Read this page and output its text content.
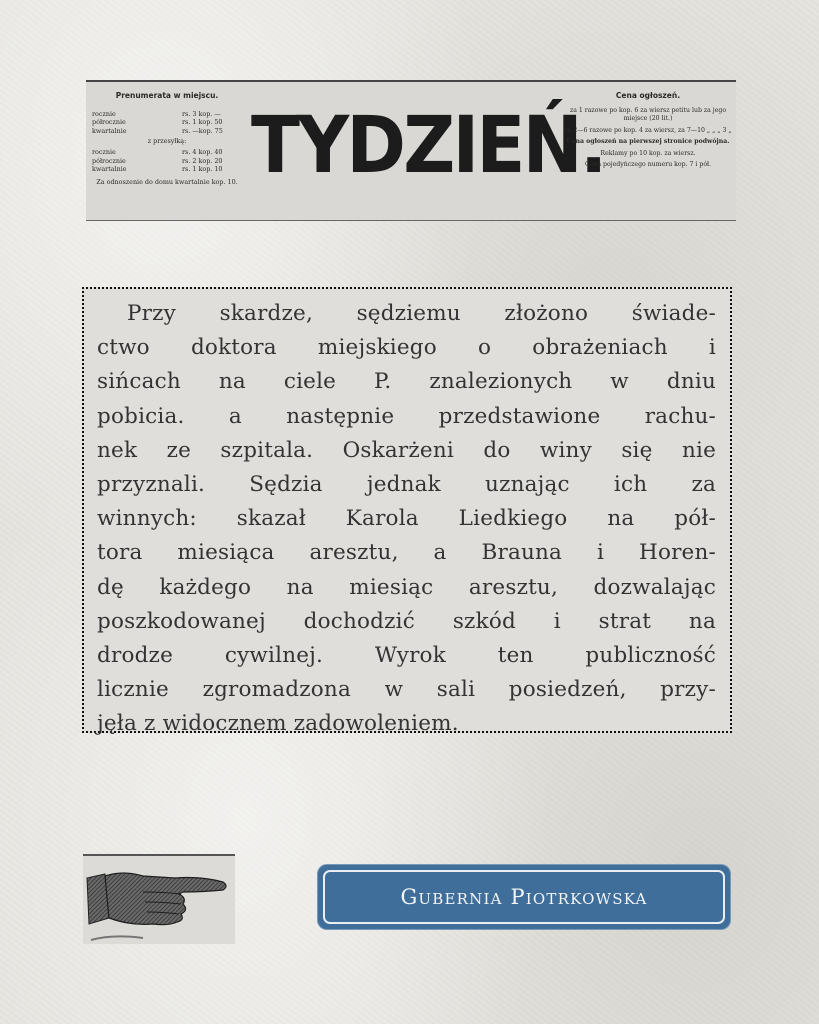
Prenumerata w miejscu.
rocznie	rs. 3 kop. —
półrocznie	rs. 1 kop. 50
kwartalnie	rs. —kop. 75
z przesyłką:
rocznie	rs. 4 kop. 40
półrocznie	rs. 2 kop. 20
kwartalnie	rs. 1 kop. 10
Za odnoszenie do domu kwartalnie kop. 10. TYDZIEŃ.
Cena ogłoszeń.

za 1 razowe po kop. 6 za wiersz petitu lub za jego miejsce (20 lit.)

za 2—6 razowe po kop. 4 za wiersz, za 7—10 „ „ „ 3 „

Cena ogłoszeń na pierwszej stronice podwójna.

Reklamy po 10 kop. za wiersz.

Cena pojedyńczego numeru kop. 7 i pół.

Przy skardze, sędziemu złożono świade-
ctwo doktora miejskiego o obrażeniach i
sińcach na ciele P. znalezionych w dniu
pobicia. a następnie przedstawione rachu-
nek ze szpitala. Oskarżeni do winy się nie
przyznali. Sędzia jednak uznając ich za
winnych: skazał Karola Liedkiego na pół-
tora miesiąca aresztu, a Brauna i Horen-
dę każdego na miesiąc aresztu, dozwalając
poszkodowanej dochodzić szkód i strat na
drodze cywilnej. Wyrok ten publiczność
licznie zgromadzona w sali posiedzeń, przy-
jęła z widocznem zadowoleniem.
Gubernia Piotrkowska
